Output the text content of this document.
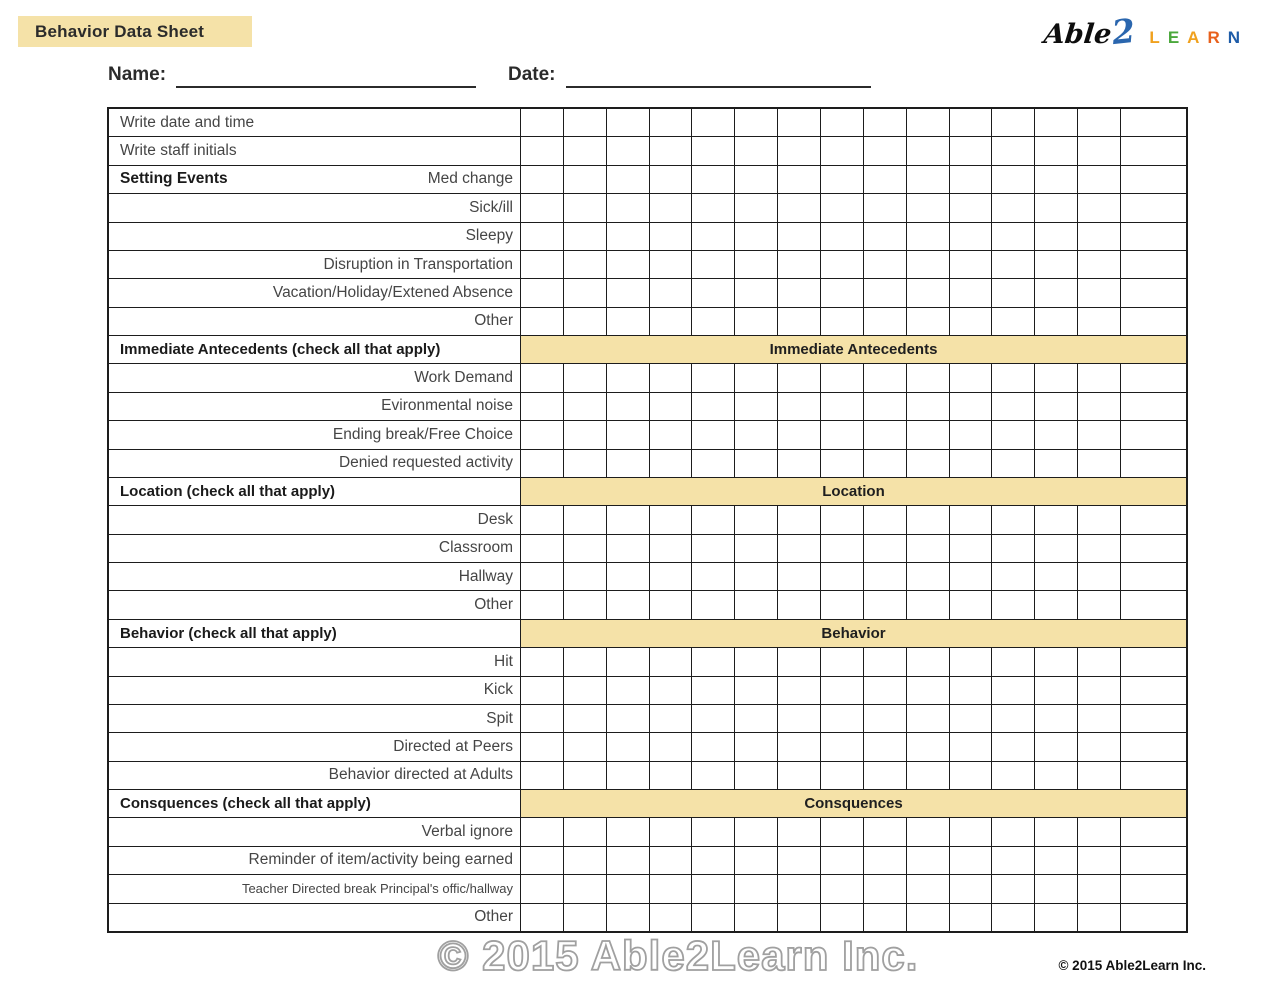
Behavior Data Sheet	Able
2 L E A R N
Name:	Date:
Write date and time
Write staff initials
Setting Events	Med change
Sick/ill
Sleepy
Disruption in Transportation
Vacation/Holiday/Extened Absence
Other
Immediate Antecedents (check all that apply)	Immediate Antecedents
Work Demand
Evironmental noise
Ending break/Free Choice
Denied requested activity
Location (check all that apply)	Location
Desk
Classroom
Hallway
Other
Behavior (check all that apply)	Behavior
Hit
Kick
Spit
Directed at Peers
Behavior directed at Adults
Consquences (check all that apply)	Consquences
Verbal ignore
Reminder of item/activity being earned
Teacher Directed break Principal's offic/hallway
Other
© 2015 Able2Learn Inc.	© 2015 Able2Learn Inc.
